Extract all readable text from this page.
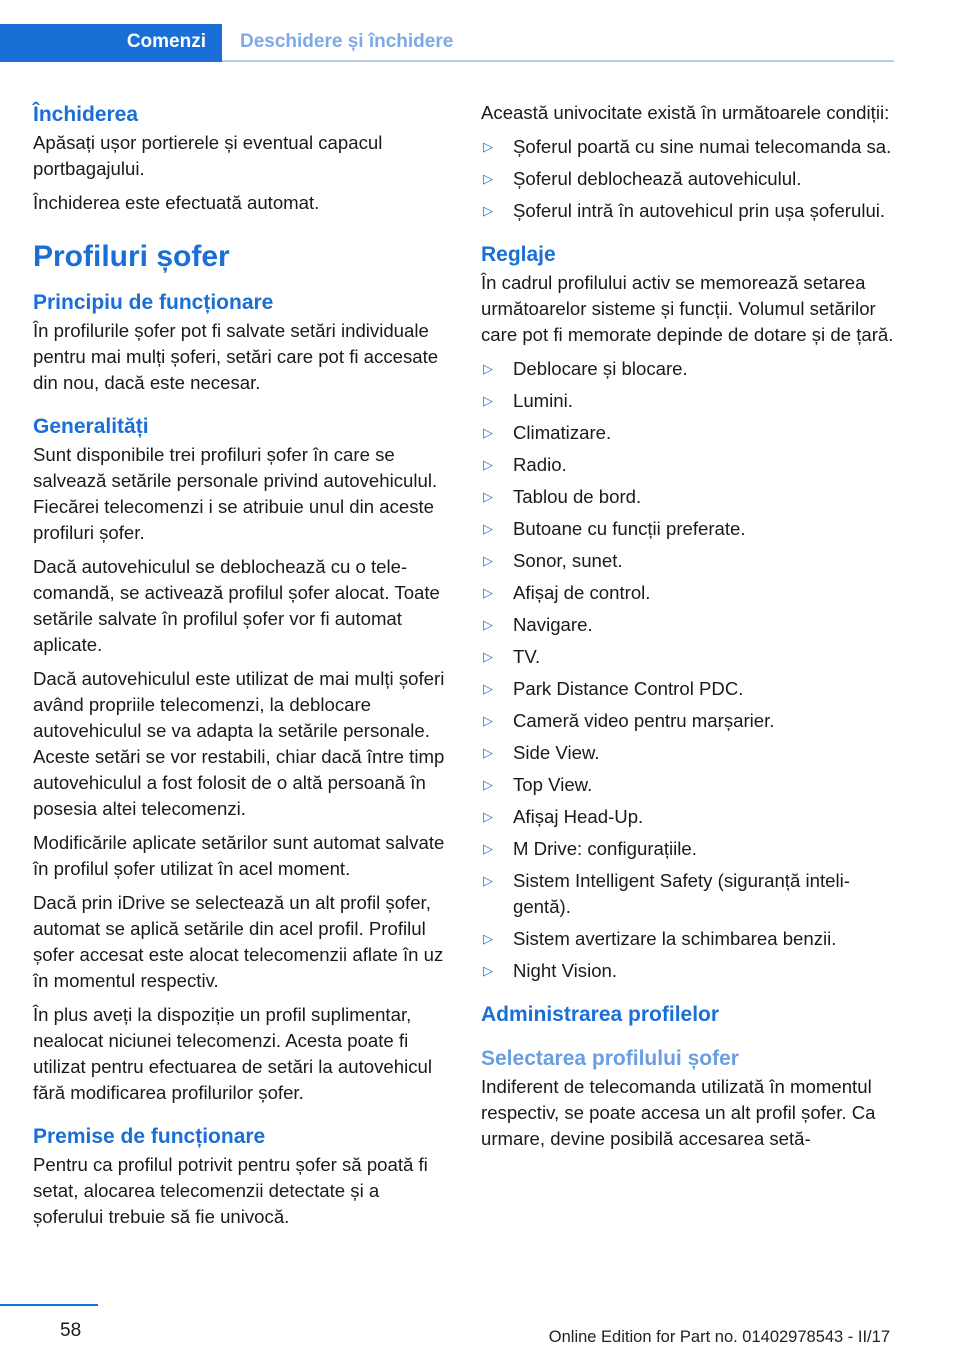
Comenzi Deschidere și închidere
Închiderea

Apăsați ușor portierele și eventual capacul portbagajului.

Închiderea este efectuată automat.

Profiluri șofer
Principiu de funcționare

În profilurile șofer pot fi salvate setări individuale pentru mai mulți șoferi, setări care pot fi accesate din nou, dacă este necesar.

Generalități

Sunt disponibile trei profiluri șofer în care se salvează setările personale privind autovehiculul. Fiecărei telecomenzi i se atribuie unul din aceste profiluri șofer.

Dacă autovehiculul se deblochează cu o telecomandă, se activează profilul șofer alocat. Toate setările salvate în profilul șofer vor fi automat aplicate.

Dacă autovehiculul este utilizat de mai mulți șoferi având propriile telecomenzi, la deblocare autovehiculul se va adapta la setările personale. Aceste setări se vor restabili, chiar dacă între timp autovehiculul a fost folosit de o altă persoană în posesia altei telecomenzi.

Modificările aplicate setărilor sunt automat salvate în profilul șofer utilizat în acel moment.

Dacă prin iDrive se selectează un alt profil șofer, automat se aplică setările din acel profil. Profilul șofer accesat este alocat telecomenzii aflate în uz în momentul respectiv.

În plus aveți la dispoziție un profil suplimentar, nealocat niciunei telecomenzi. Acesta poate fi utilizat pentru efectuarea de setări la autovehicul fără modificarea profilurilor șofer.

Premise de funcționare

Pentru ca profilul potrivit pentru șofer să poată fi setat, alocarea telecomenzii detectate și a șoferului trebuie să fie univocă.

Această univocitate există în următoarele condiții:

▷ Șoferul poartă cu sine numai telecomanda sa.
▷ Șoferul deblochează autovehiculul.
▷ Șoferul intră în autovehicul prin ușa șoferului.
Reglaje

În cadrul profilului activ se memorează setarea următoarelor sisteme și funcții. Volumul setărilor care pot fi memorate depinde de dotare și de țară.

▷ Deblocare și blocare.
▷ Lumini.
▷ Climatizare.
▷ Radio.
▷ Tablou de bord.
▷ Butoane cu funcții preferate.
▷ Sonor, sunet.
▷ Afișaj de control.
▷ Navigare.
▷ TV.
▷ Park Distance Control PDC.
▷ Cameră video pentru marșarier.
▷ Side View.
▷ Top View.
▷ Afișaj Head-Up.
▷ M Drive: configurațiile.
▷ Sistem Intelligent Safety (siguranță inteligentă).
▷ Sistem avertizare la schimbarea benzii.
▷ Night Vision.
Administrarea profilelor
Selectarea profilului șofer

Indiferent de telecomanda utilizată în momentul respectiv, se poate accesa un alt profil șofer. Ca urmare, devine posibilă accesarea setă-

58	Online Edition for Part no. 01402978543 - II/17
